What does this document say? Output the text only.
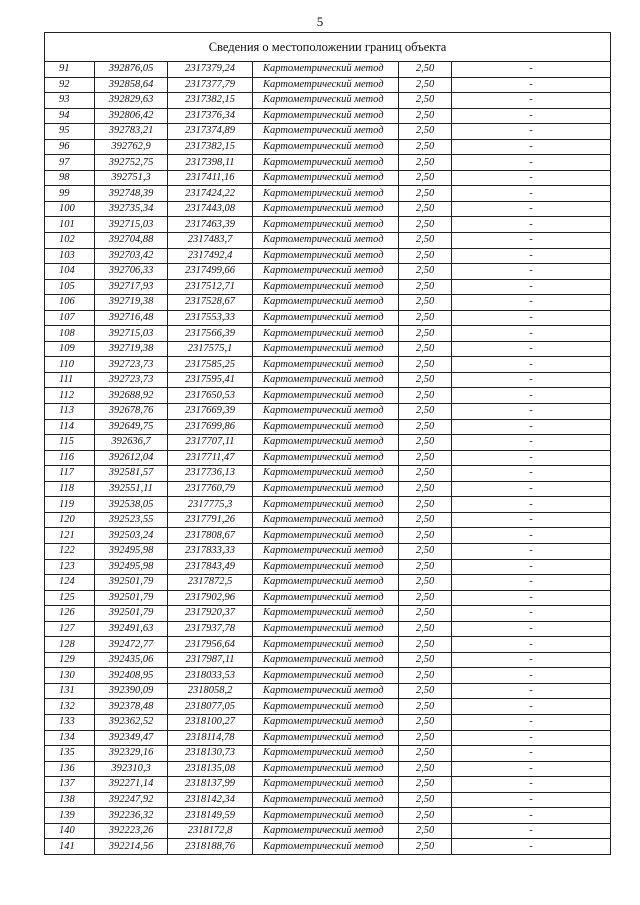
5
Сведения о местоположении границ объекта					
91	392876,05	2317379,24	Картометрический метод	2,50	-
92	392858,64	2317377,79	Картометрический метод	2,50	-
93	392829,63	2317382,15	Картометрический метод	2,50	-
94	392806,42	2317376,34	Картометрический метод	2,50	-
95	392783,21	2317374,89	Картометрический метод	2,50	-
96	392762,9	2317382,15	Картометрический метод	2,50	-
97	392752,75	2317398,11	Картометрический метод	2,50	-
98	392751,3	2317411,16	Картометрический метод	2,50	-
99	392748,39	2317424,22	Картометрический метод	2,50	-
100	392735,34	2317443,08	Картометрический метод	2,50	-
101	392715,03	2317463,39	Картометрический метод	2,50	-
102	392704,88	2317483,7	Картометрический метод	2,50	-
103	392703,42	2317492,4	Картометрический метод	2,50	-
104	392706,33	2317499,66	Картометрический метод	2,50	-
105	392717,93	2317512,71	Картометрический метод	2,50	-
106	392719,38	2317528,67	Картометрический метод	2,50	-
107	392716,48	2317553,33	Картометрический метод	2,50	-
108	392715,03	2317566,39	Картометрический метод	2,50	-
109	392719,38	2317575,1	Картометрический метод	2,50	-
110	392723,73	2317585,25	Картометрический метод	2,50	-
111	392723,73	2317595,41	Картометрический метод	2,50	-
112	392688,92	2317650,53	Картометрический метод	2,50	-
113	392678,76	2317669,39	Картометрический метод	2,50	-
114	392649,75	2317699,86	Картометрический метод	2,50	-
115	392636,7	2317707,11	Картометрический метод	2,50	-
116	392612,04	2317711,47	Картометрический метод	2,50	-
117	392581,57	2317736,13	Картометрический метод	2,50	-
118	392551,11	2317760,79	Картометрический метод	2,50	-
119	392538,05	2317775,3	Картометрический метод	2,50	-
120	392523,55	2317791,26	Картометрический метод	2,50	-
121	392503,24	2317808,67	Картометрический метод	2,50	-
122	392495,98	2317833,33	Картометрический метод	2,50	-
123	392495,98	2317843,49	Картометрический метод	2,50	-
124	392501,79	2317872,5	Картометрический метод	2,50	-
125	392501,79	2317902,96	Картометрический метод	2,50	-
126	392501,79	2317920,37	Картометрический метод	2,50	-
127	392491,63	2317937,78	Картометрический метод	2,50	-
128	392472,77	2317956,64	Картометрический метод	2,50	-
129	392435,06	2317987,11	Картометрический метод	2,50	-
130	392408,95	2318033,53	Картометрический метод	2,50	-
131	392390,09	2318058,2	Картометрический метод	2,50	-
132	392378,48	2318077,05	Картометрический метод	2,50	-
133	392362,52	2318100,27	Картометрический метод	2,50	-
134	392349,47	2318114,78	Картометрический метод	2,50	-
135	392329,16	2318130,73	Картометрический метод	2,50	-
136	392310,3	2318135,08	Картометрический метод	2,50	-
137	392271,14	2318137,99	Картометрический метод	2,50	-
138	392247,92	2318142,34	Картометрический метод	2,50	-
139	392236,32	2318149,59	Картометрический метод	2,50	-
140	392223,26	2318172,8	Картометрический метод	2,50	-
141	392214,56	2318188,76	Картометрический метод	2,50	-
